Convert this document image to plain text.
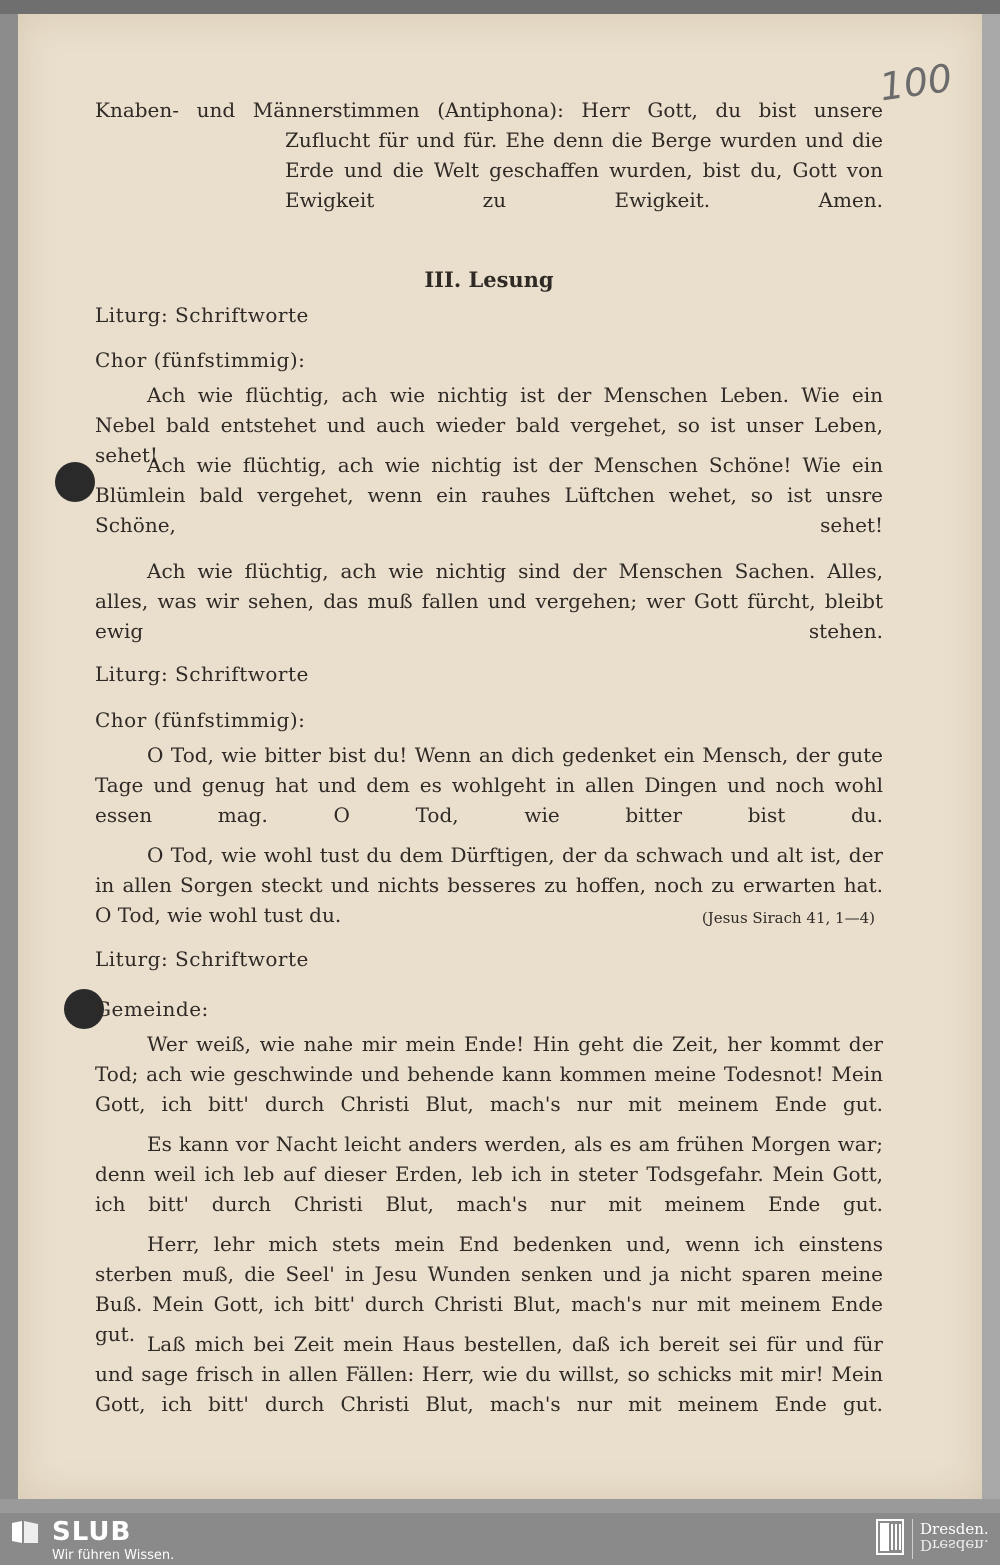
100
Knaben- und Männerstimmen (Antiphona): Herr Gott, du bist unsere Zuflucht für und für. Ehe denn die Berge wurden und die Erde und die Welt geschaffen wurden, bist du, Gott von Ewigkeit zu Ewigkeit. Amen.
III. Lesung
Liturg: Schriftworte
Chor (fünfstimmig):
Ach wie flüchtig, ach wie nichtig ist der Menschen Leben. Wie ein Nebel bald entstehet und auch wieder bald vergehet, so ist unser Leben, sehet!
Ach wie flüchtig, ach wie nichtig ist der Menschen Schöne! Wie ein Blümlein bald vergehet, wenn ein rauhes Lüftchen wehet, so ist unsre Schöne, sehet!
Ach wie flüchtig, ach wie nichtig sind der Menschen Sachen. Alles, alles, was wir sehen, das muß fallen und vergehen; wer Gott fürcht, bleibt ewig stehen.
Liturg: Schriftworte
Chor (fünfstimmig):
O Tod, wie bitter bist du! Wenn an dich gedenket ein Mensch, der gute Tage und genug hat und dem es wohlgeht in allen Dingen und noch wohl essen mag. O Tod, wie bitter bist du.
O Tod, wie wohl tust du dem Dürftigen, der da schwach und alt ist, der in allen Sorgen steckt und nichts besseres zu hoffen, noch zu erwarten hat. O Tod, wie wohl tust du.	(Jesus Sirach 41, 1—4)
Liturg: Schriftworte
Gemeinde:
Wer weiß, wie nahe mir mein Ende! Hin geht die Zeit, her kommt der Tod; ach wie geschwinde und behende kann kommen meine Todesnot! Mein Gott, ich bitt' durch Christi Blut, mach's nur mit meinem Ende gut.
Es kann vor Nacht leicht anders werden, als es am frühen Morgen war; denn weil ich leb auf dieser Erden, leb ich in steter Todsgefahr. Mein Gott, ich bitt' durch Christi Blut, mach's nur mit meinem Ende gut.
Herr, lehr mich stets mein End bedenken und, wenn ich einstens sterben muß, die Seel' in Jesu Wunden senken und ja nicht sparen meine Buß. Mein Gott, ich bitt' durch Christi Blut, mach's nur mit meinem Ende gut. Laß mich bei Zeit mein Haus bestellen, daß ich bereit sei für und für und sage frisch in allen Fällen: Herr, wie du willst, so schicks mit mir! Mein Gott, ich bitt' durch Christi Blut, mach's nur mit meinem Ende gut.
SLUB
Wir führen Wissen.
Dresden.
Dresden.
